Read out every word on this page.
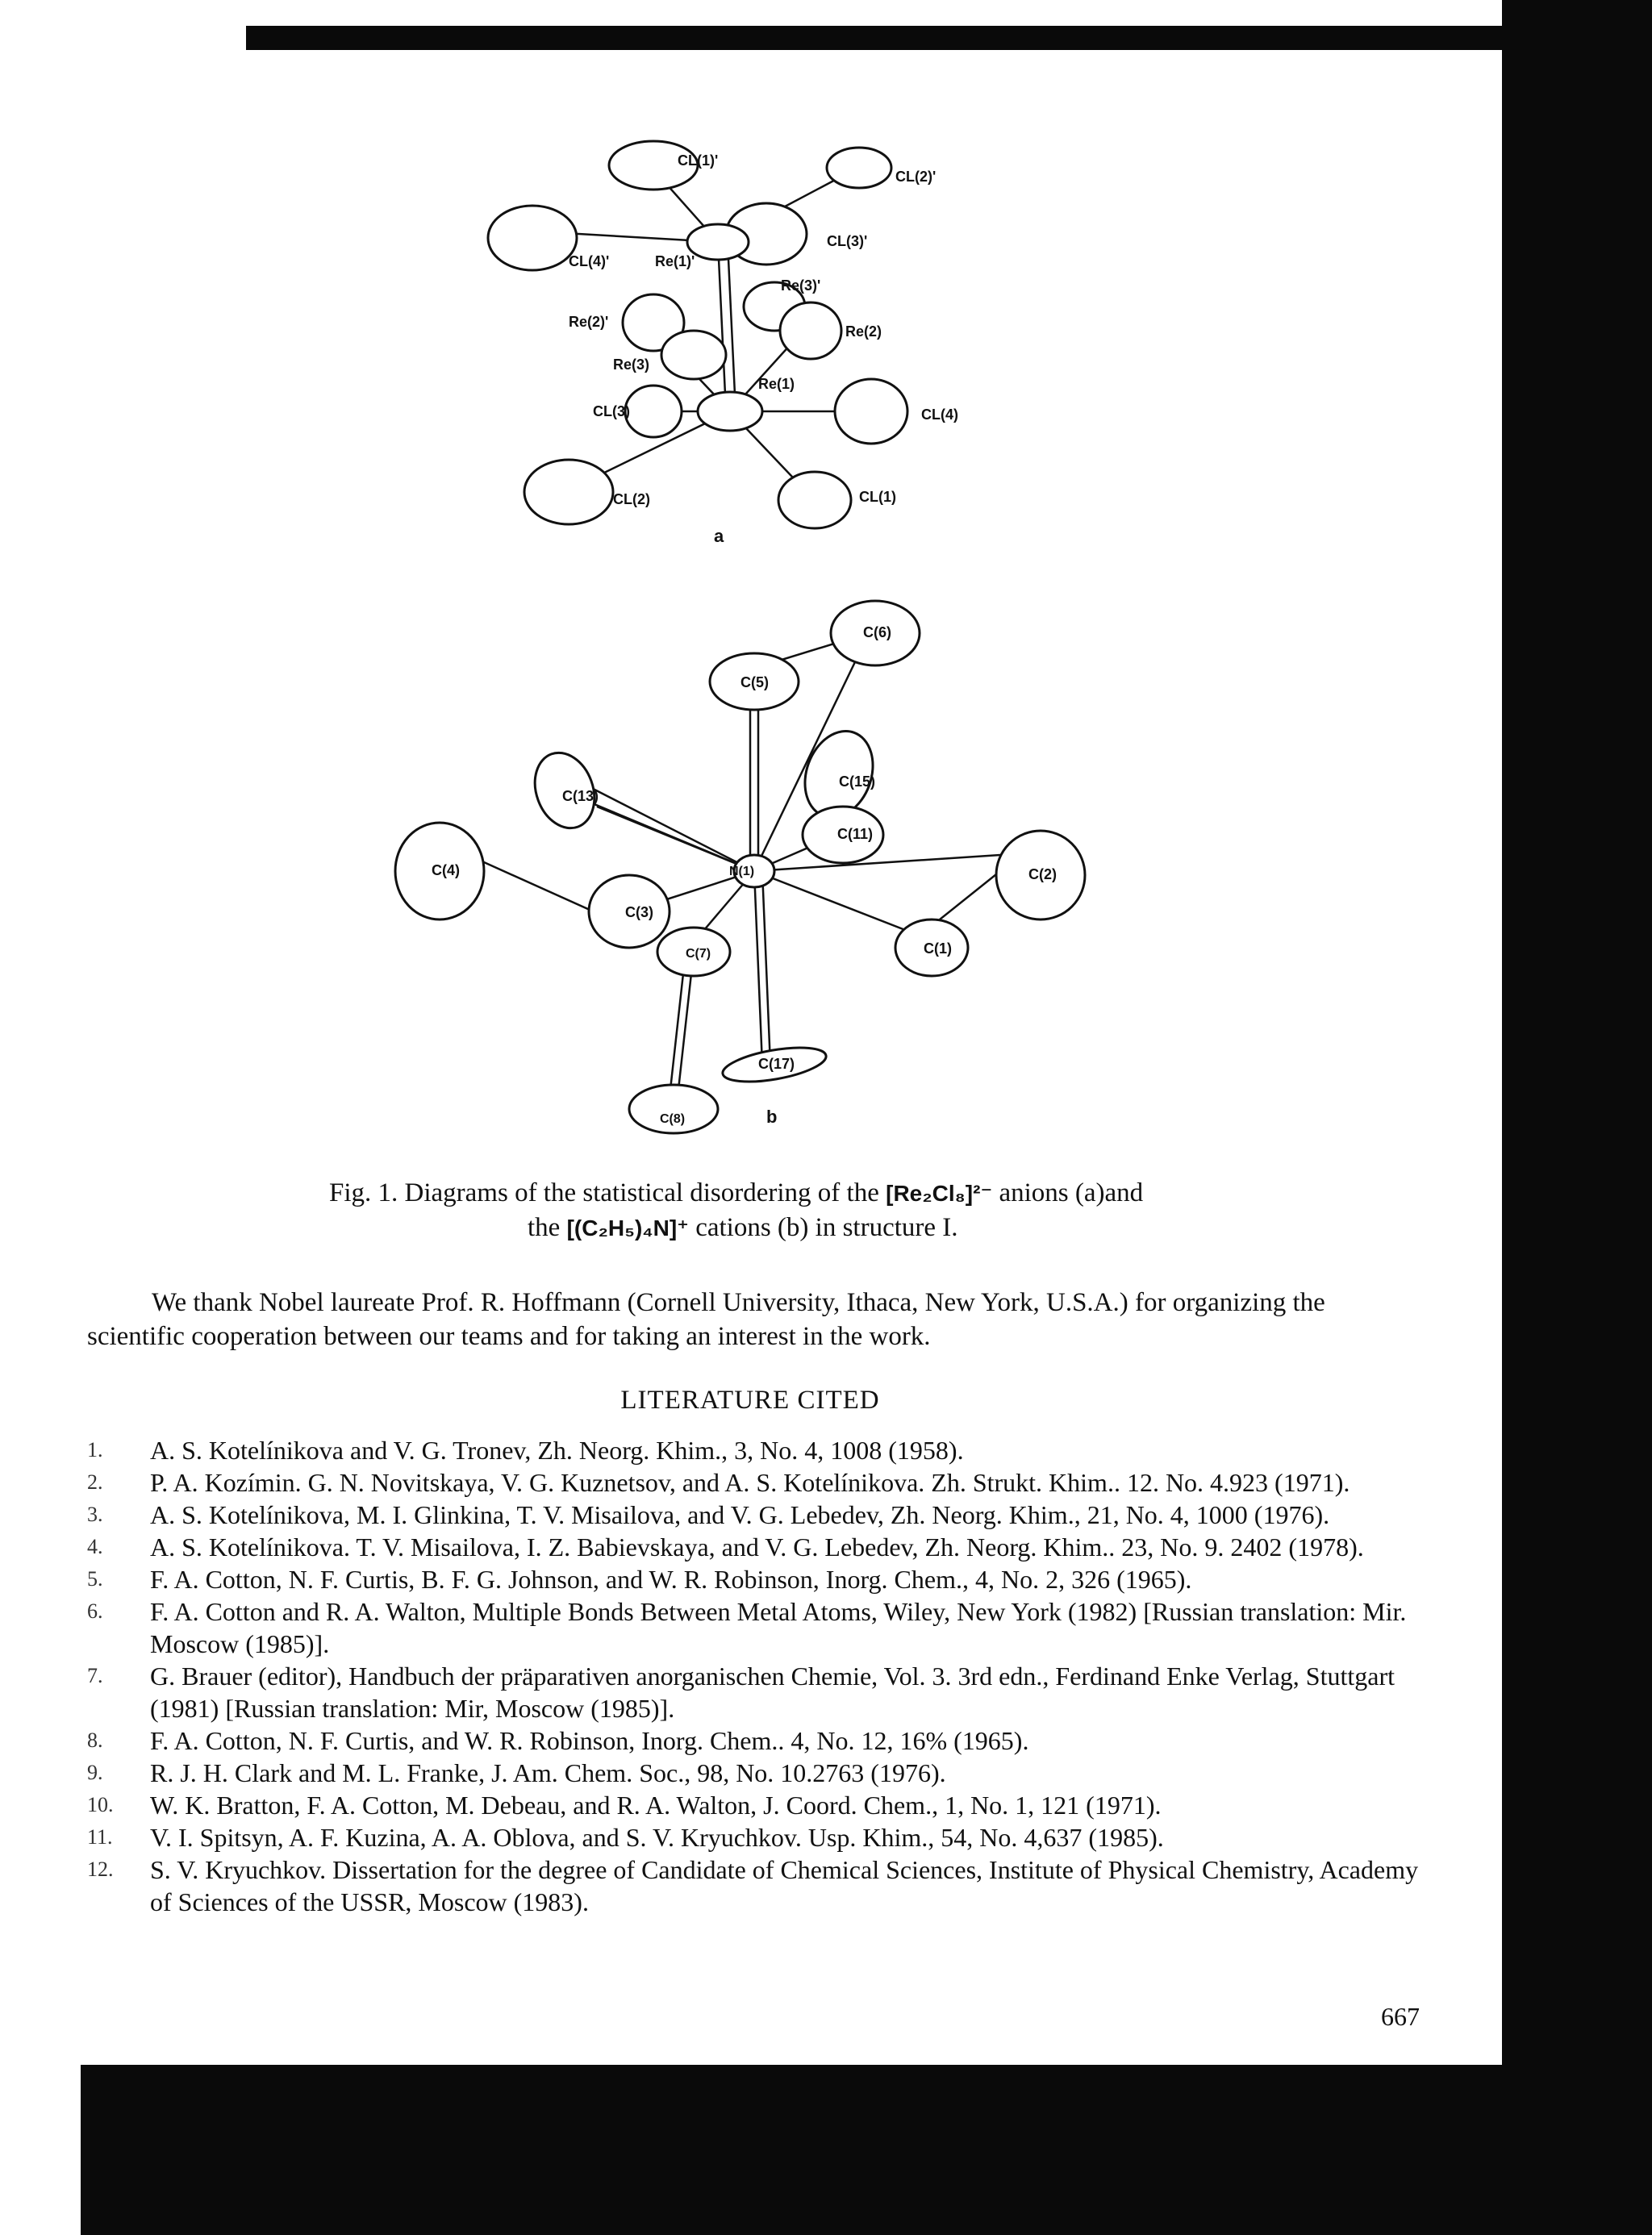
CL(1)'
CL(2)'
CL(3)'
CL(4)'	Re(1)'
Re(3)'
Re(2)'
Re(2)
Re(3)
Re(1)
CL(3)	CL(4)
CL(2)	CL(1)
a
C(6)
C(5)
C(15)
C(13)
C(11)
C(4)	N(1)	C(2)
C(3)
C(7)	C(1)
C(17)
C(8)	b
Fig. 1. Diagrams of the statistical disordering of the [Re₂Cl₈]²⁻ anions (a)and
the [(C₂H₅)₄N]⁺ cations (b) in structure I.
We thank Nobel laureate Prof. R. Hoffmann (Cornell University, Ithaca, New York, U.S.A.) for organizing the scientific cooperation between our teams and for taking an interest in the work.
LITERATURE CITED
1. A. S. Kotelínikova and V. G. Tronev, Zh. Neorg. Khim., 3, No. 4, 1008 (1958).
2. P. A. Kozímin. G. N. Novitskaya, V. G. Kuznetsov, and A. S. Kotelínikova. Zh. Strukt. Khim.. 12. No. 4.923 (1971).
3. A. S. Kotelínikova, M. I. Glinkina, T. V. Misailova, and V. G. Lebedev, Zh. Neorg. Khim., 21, No. 4, 1000 (1976).
4. A. S. Kotelínikova. T. V. Misailova, I. Z. Babievskaya, and V. G. Lebedev, Zh. Neorg. Khim.. 23, No. 9. 2402 (1978).
5. F. A. Cotton, N. F. Curtis, B. F. G. Johnson, and W. R. Robinson, Inorg. Chem., 4, No. 2, 326 (1965).
6. F. A. Cotton and R. A. Walton, Multiple Bonds Between Metal Atoms, Wiley, New York (1982) [Russian translation: Mir. Moscow (1985)].
7. G. Brauer (editor), Handbuch der präparativen anorganischen Chemie, Vol. 3. 3rd edn., Ferdinand Enke Verlag, Stuttgart (1981) [Russian translation: Mir, Moscow (1985)].
8. F. A. Cotton, N. F. Curtis, and W. R. Robinson, Inorg. Chem.. 4, No. 12, 16% (1965).
9. R. J. H. Clark and M. L. Franke, J. Am. Chem. Soc., 98, No. 10.2763 (1976).
10. W. K. Bratton, F. A. Cotton, M. Debeau, and R. A. Walton, J. Coord. Chem., 1, No. 1, 121 (1971).
11. V. I. Spitsyn, A. F. Kuzina, A. A. Oblova, and S. V. Kryuchkov. Usp. Khim., 54, No. 4,637 (1985).
12. S. V. Kryuchkov. Dissertation for the degree of Candidate of Chemical Sciences, Institute of Physical Chemistry, Academy of Sciences of the USSR, Moscow (1983).
667
